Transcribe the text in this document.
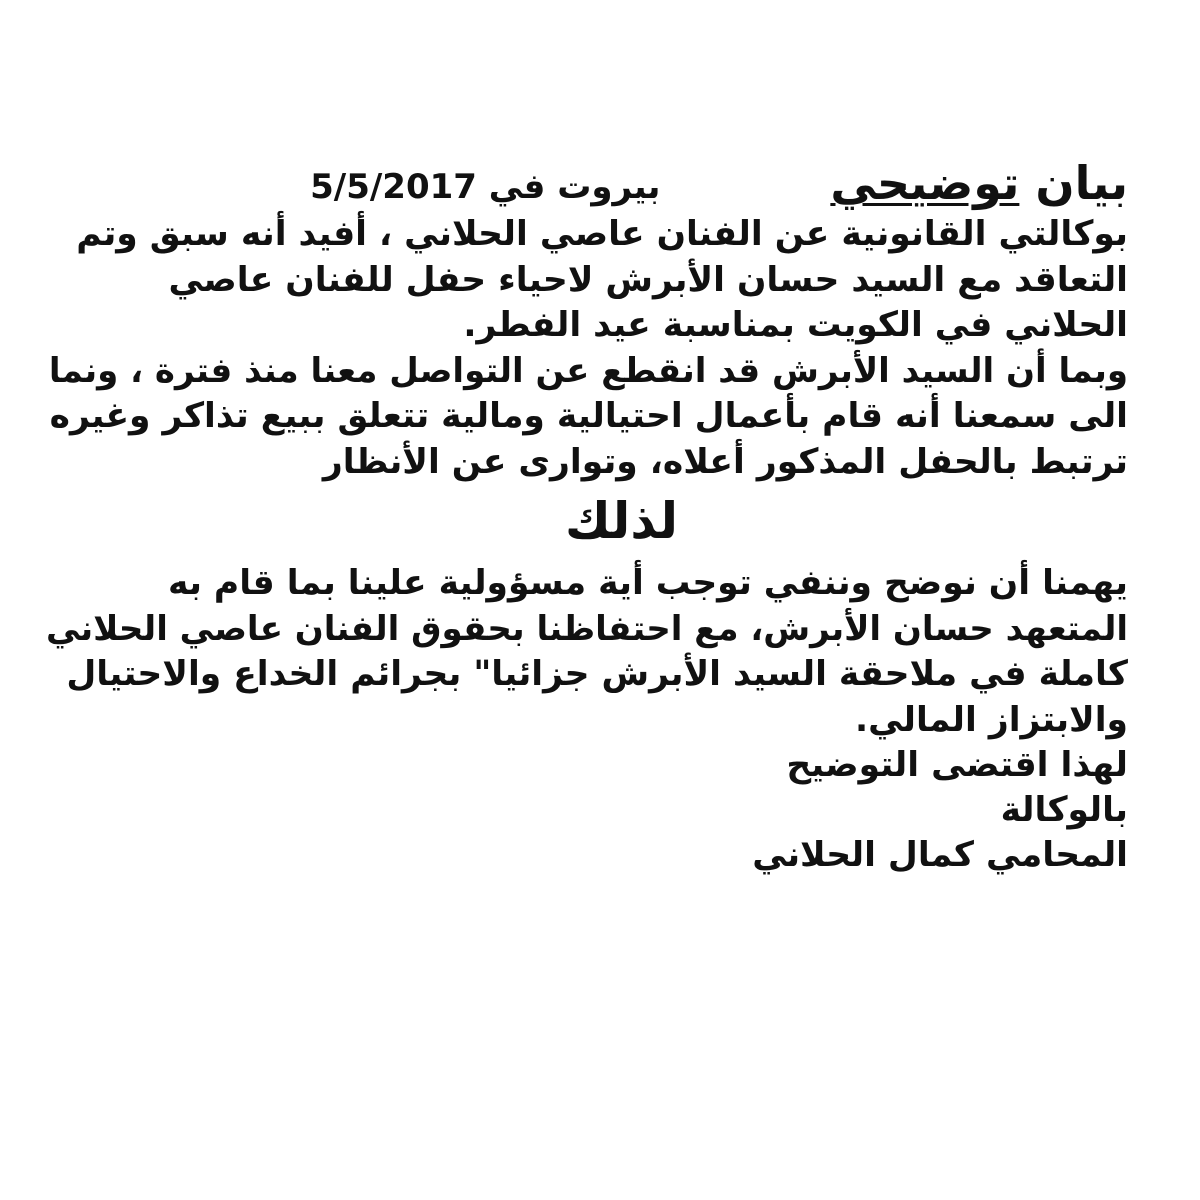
بيان توضيحي
بيروت في 5/5/2017

بوكالتي القانونية عن الفنان عاصي الحلاني ، أفيد أنه سبق وتم

التعاقد مع السيد حسان الأبرش لاحياء حفل للفنان عاصي

الحلاني في الكويت بمناسبة عيد الفطر.

وبما أن السيد الأبرش قد انقطع عن التواصل معنا منذ فترة ، ونما

الى سمعنا أنه قام بأعمال احتيالية ومالية تتعلق ببيع تذاكر وغيره

ترتبط بالحفل المذكور أعلاه، وتوارى عن الأنظار

لذلك

يهمنا أن نوضح وننفي توجب أية مسؤولية علينا بما قام به

المتعهد حسان الأبرش، مع احتفاظنا بحقوق الفنان عاصي الحلاني

كاملة في ملاحقة السيد الأبرش جزائيا" بجرائم الخداع والاحتيال

والابتزاز المالي.

لهذا اقتضى التوضيح

بالوكالة

المحامي كمال الحلاني
